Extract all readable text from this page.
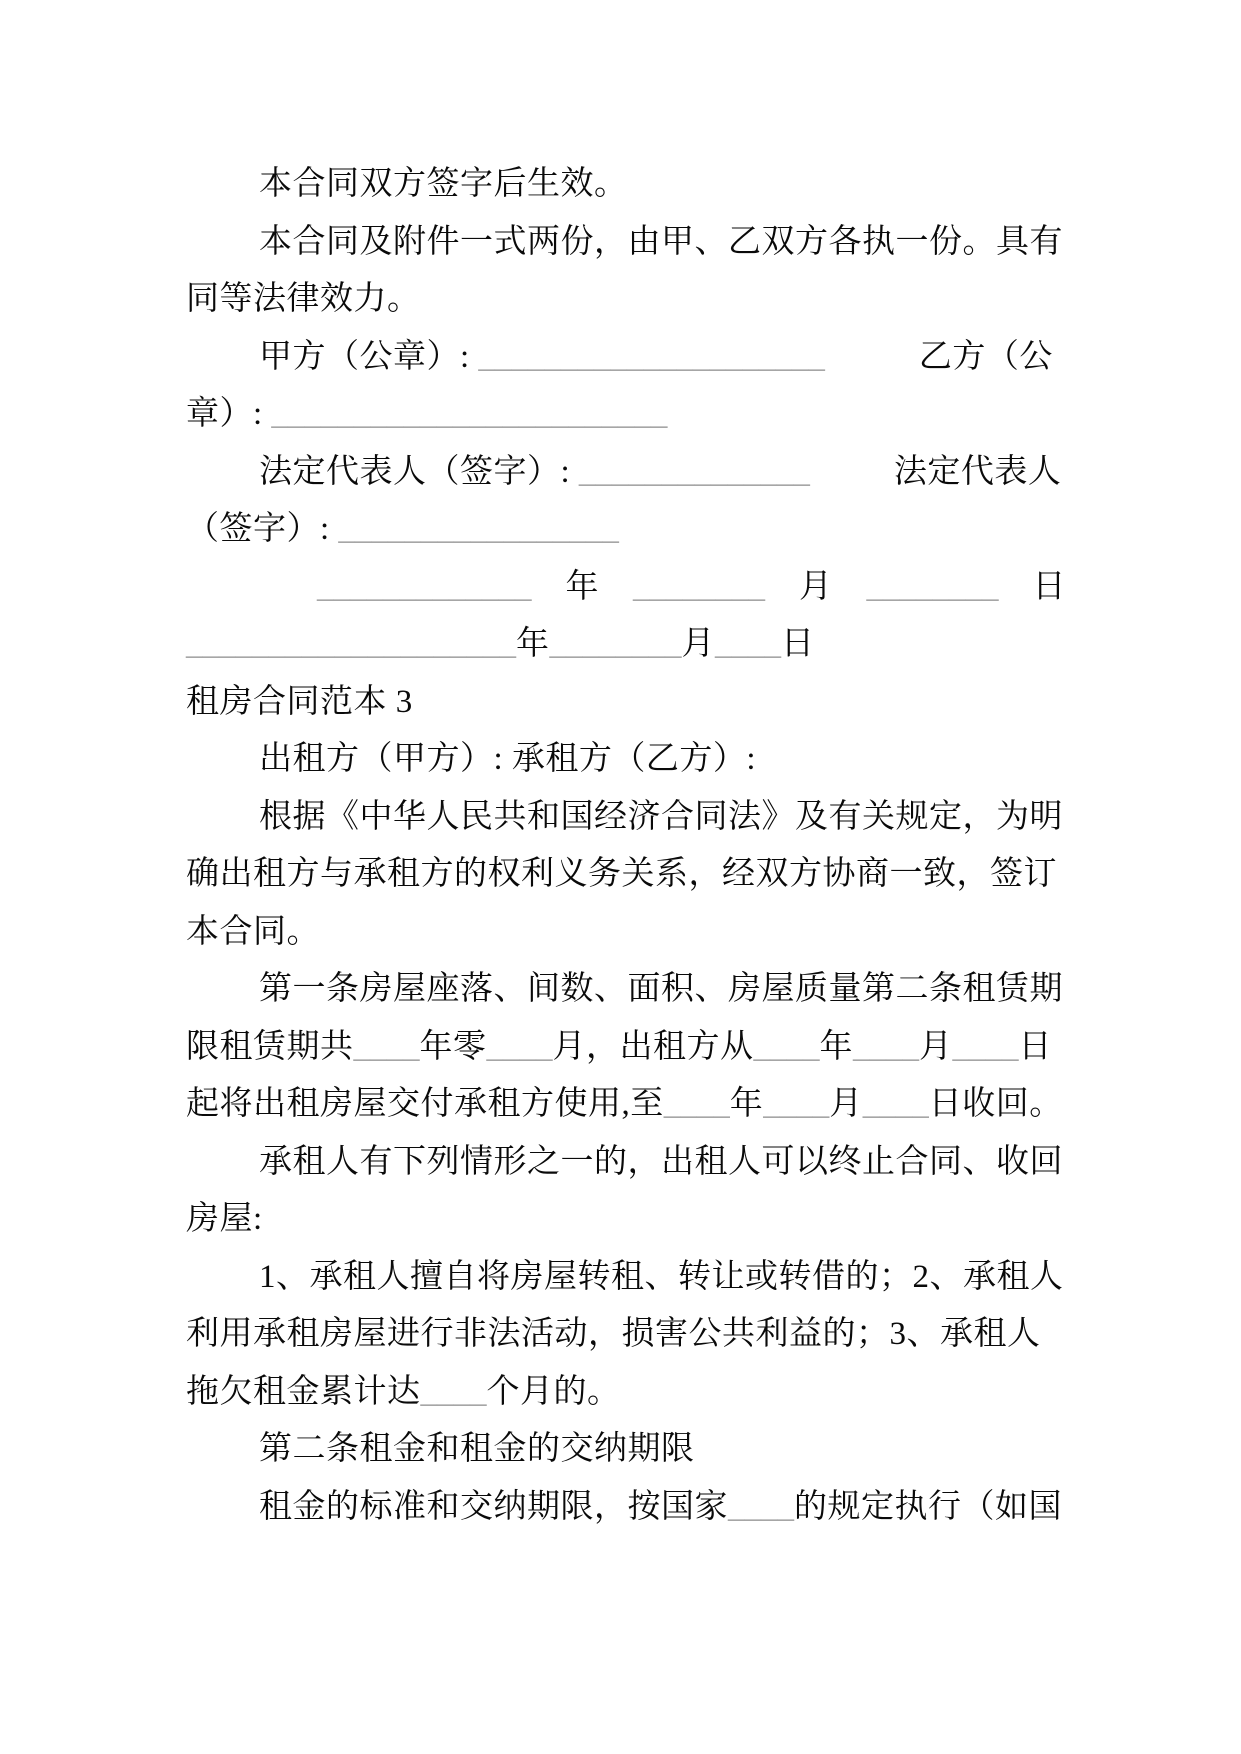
本合同双方签字后生效。
本合同及附件一式两份，由甲、乙双方各执一份。具有
同等法律效力。
甲方（公章）: _____________________	乙方（公
章）: ________________________
法定代表人（签字）: ______________	法定代表人
（签字）: _________________
_____________ 年 ________ 月 ________ 日
____________________年________月____日
租房合同范本 3
出租方（甲方）: 承租方（乙方）:
根据《中华人民共和国经济合同法》及有关规定，为明
确出租方与承租方的权利义务关系，经双方协商一致，签订
本合同。
第一条房屋座落、间数、面积、房屋质量第二条租赁期
限租赁期共____年零____月，出租方从____年____月____日
起将出租房屋交付承租方使用,至____年____月____日收回。
承租人有下列情形之一的，出租人可以终止合同、收回
房屋:
1、承租人擅自将房屋转租、转让或转借的；2、承租人
利用承租房屋进行非法活动，损害公共利益的；3、承租人
拖欠租金累计达____个月的。
第二条租金和租金的交纳期限
租金的标准和交纳期限，按国家____的规定执行（如国
